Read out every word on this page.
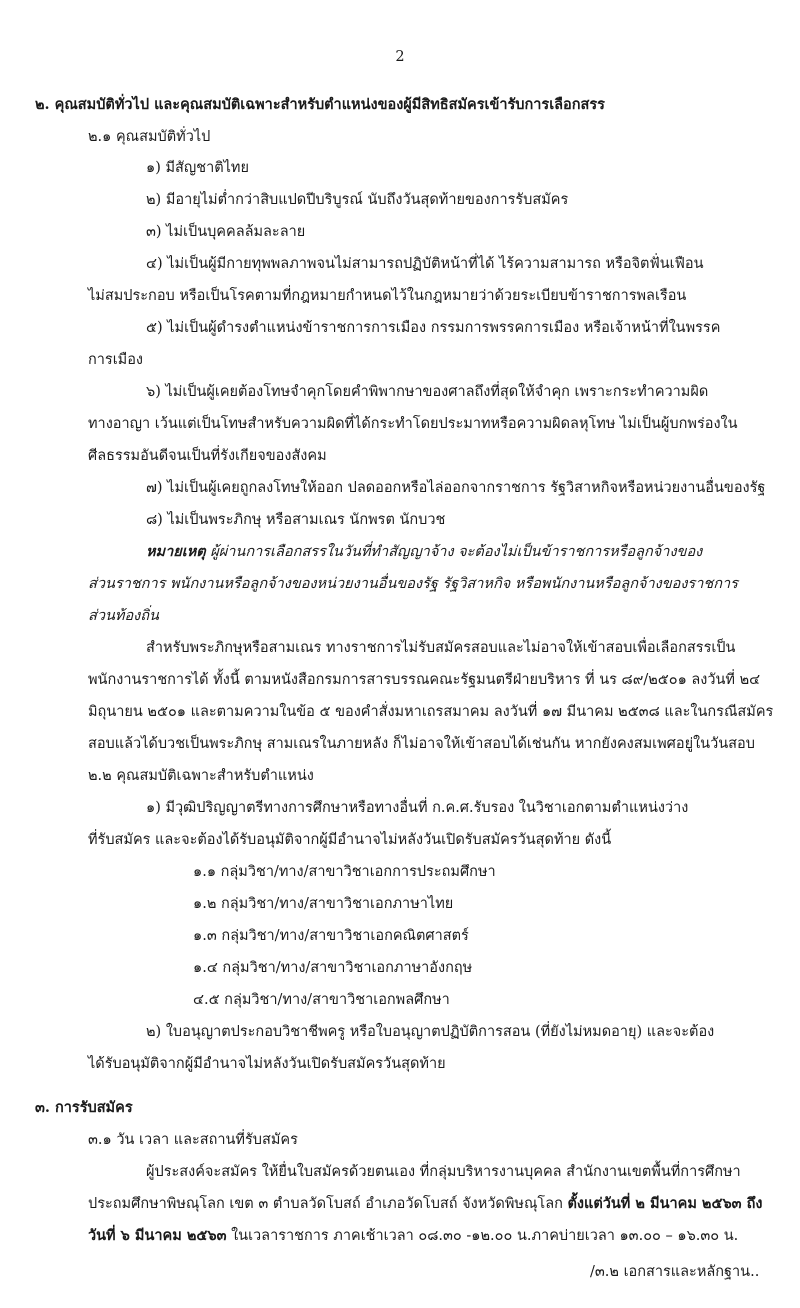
2
๒. คุณสมบัติทั่วไป และคุณสมบัติเฉพาะสำหรับตำแหน่งของผู้มีสิทธิสมัครเข้ารับการเลือกสรร
๒.๑ คุณสมบัติทั่วไป
๑) มีสัญชาติไทย
๒) มีอายุไม่ต่ำกว่าสิบแปดปีบริบูรณ์ นับถึงวันสุดท้ายของการรับสมัคร
๓) ไม่เป็นบุคคลล้มละลาย
๔) ไม่เป็นผู้มีกายทุพพลภาพจนไม่สามารถปฏิบัติหน้าที่ได้ ไร้ความสามารถ หรือจิตฟั่นเฟือน
ไม่สมประกอบ หรือเป็นโรคตามที่กฎหมายกำหนดไว้ในกฎหมายว่าด้วยระเบียบข้าราชการพลเรือน
๕) ไม่เป็นผู้ดำรงตำแหน่งข้าราชการการเมือง กรรมการพรรคการเมือง หรือเจ้าหน้าที่ในพรรค
การเมือง
๖) ไม่เป็นผู้เคยต้องโทษจำคุกโดยคำพิพากษาของศาลถึงที่สุดให้จำคุก เพราะกระทำความผิด
ทางอาญา เว้นแต่เป็นโทษสำหรับความผิดที่ได้กระทำโดยประมาทหรือความผิดลหุโทษ ไม่เป็นผู้บกพร่องใน
ศีลธรรมอันดีจนเป็นที่รังเกียจของสังคม
๗) ไม่เป็นผู้เคยถูกลงโทษให้ออก ปลดออกหรือไล่ออกจากราชการ รัฐวิสาหกิจหรือหน่วยงานอื่นของรัฐ
๘) ไม่เป็นพระภิกษุ หรือสามเณร นักพรต นักบวช
หมายเหตุ ผู้ผ่านการเลือกสรรในวันที่ทำสัญญาจ้าง จะต้องไม่เป็นข้าราชการหรือลูกจ้างของ
ส่วนราชการ พนักงานหรือลูกจ้างของหน่วยงานอื่นของรัฐ รัฐวิสาหกิจ หรือพนักงานหรือลูกจ้างของราชการ
ส่วนท้องถิ่น
สำหรับพระภิกษุหรือสามเณร ทางราชการไม่รับสมัครสอบและไม่อาจให้เข้าสอบเพื่อเลือกสรรเป็น
พนักงานราชการได้ ทั้งนี้ ตามหนังสือกรมการสารบรรณคณะรัฐมนตรีฝ่ายบริหาร ที่ นร ๘๙/๒๕๐๑ ลงวันที่ ๒๔
มิถุนายน ๒๕๐๑ และตามความในข้อ ๕ ของคำสั่งมหาเถรสมาคม ลงวันที่ ๑๗ มีนาคม ๒๕๓๘ และในกรณีสมัคร
สอบแล้วได้บวชเป็นพระภิกษุ สามเณรในภายหลัง ก็ไม่อาจให้เข้าสอบได้เช่นกัน หากยังคงสมเพศอยู่ในวันสอบ
๒.๒ คุณสมบัติเฉพาะสำหรับตำแหน่ง
๑) มีวุฒิปริญญาตรีทางการศึกษาหรือทางอื่นที่ ก.ค.ศ.รับรอง ในวิชาเอกตามตำแหน่งว่าง
ที่รับสมัคร และจะต้องได้รับอนุมัติจากผู้มีอำนาจไม่หลังวันเปิดรับสมัครวันสุดท้าย ดังนี้
๑.๑ กลุ่มวิชา/ทาง/สาขาวิชาเอกการประถมศึกษา
๑.๒ กลุ่มวิชา/ทาง/สาขาวิชาเอกภาษาไทย
๑.๓ กลุ่มวิชา/ทาง/สาขาวิชาเอกคณิตศาสตร์
๑.๔ กลุ่มวิชา/ทาง/สาขาวิชาเอกภาษาอังกฤษ
๔.๕ กลุ่มวิชา/ทาง/สาขาวิชาเอกพลศึกษา
๒) ใบอนุญาตประกอบวิชาชีพครู หรือใบอนุญาตปฏิบัติการสอน (ที่ยังไม่หมดอายุ) และจะต้อง
ได้รับอนุมัติจากผู้มีอำนาจไม่หลังวันเปิดรับสมัครวันสุดท้าย
๓. การรับสมัคร
๓.๑ วัน เวลา และสถานที่รับสมัคร
ผู้ประสงค์จะสมัคร ให้ยื่นใบสมัครด้วยตนเอง ที่กลุ่มบริหารงานบุคคล สำนักงานเขตพื้นที่การศึกษา
ประถมศึกษาพิษณุโลก เขต ๓ ตำบลวัดโบสถ์ อำเภอวัดโบสถ์ จังหวัดพิษณุโลก ตั้งแต่วันที่ ๒ มีนาคม ๒๕๖๓ ถึง
วันที่ ๖ มีนาคม ๒๕๖๓ ในเวลาราชการ ภาคเช้าเวลา ๐๘.๓๐ -๑๒.๐๐ น.ภาคบ่ายเวลา ๑๓.๐๐ – ๑๖.๓๐ น.
/๓.๒ เอกสารและหลักฐาน..
